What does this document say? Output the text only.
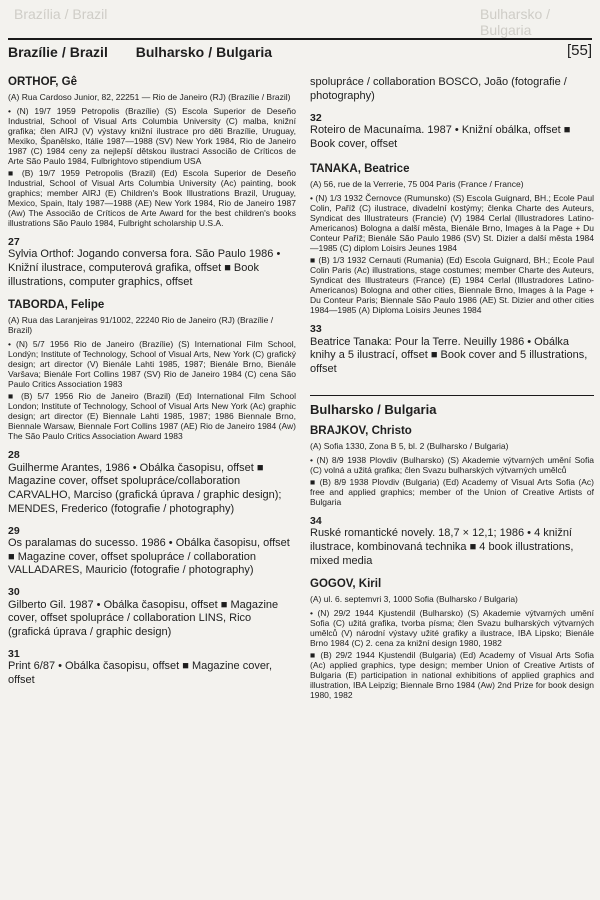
Brazília / Brazil	Bulharsko / Bulgaria
Brazílie / Brazil Bulharsko / Bulgaria	[55]
ORTHOF, Gê
(A) Rua Cardoso Junior, 82, 22251 — Rio de Janeiro (RJ) (Brazílie / Brazil)
• (N) 19/7 1959 Petropolis (Brazílie) (S) Escola Superior de Deseño Industrial, School of Visual Arts Columbia University (C) malba, knižní grafika; člen AIRJ (V) výstavy knižní ilustrace pro děti Brazílie, Uruguay, Mexiko, Španělsko, Itálie 1987—1988 (SV) New York 1984, Rio de Janeiro 1987 (C) 1984 ceny za nejlepší dětskou ilustraci Associão de Críticos de Arte São Paulo 1984, Fulbrightovo stipendium USA
■ (B) 19/7 1959 Petropolis (Brazil) (Ed) Escola Superior de Deseño Industrial, School of Visual Arts Columbia University (Ac) painting, book graphics; member AIRJ (E) Children's Book Illustrations Brazil, Uruguay, Mexico, Spain, Italy 1987—1988 (AE) New York 1984, Rio de Janeiro 1987 (Aw) The Associão de Críticos de Arte Award for the best children's books illustrations São Paulo 1984, Fulbright scholarship U.S.A.
27
Sylvia Orthof: Jogando conversa fora. São Paulo 1986 • Knižní ilustrace, computerová grafika, offset ■ Book illustrations, computer graphics, offset
TABORDA, Felipe
(A) Rua das Laranjeiras 91/1002, 22240 Rio de Janeiro (RJ) (Brazílie / Brazil)
• (N) 5/7 1956 Rio de Janeiro (Brazílie) (S) International Film School, Londýn; Institute of Technology, School of Visual Arts, New York (C) grafický design; art director (V) Bienále Lahti 1985, 1987; Bienále Brno, Bienále Varšava; Bienále Fort Collins 1987 (SV) Rio de Janeiro 1984 (C) cena São Paulo Critics Association 1983
■ (B) 5/7 1956 Rio de Janeiro (Brazil) (Ed) International Film School London; Institute of Technology, School of Visual Arts New York (Ac) graphic design; art director (E) Biennale Lahti 1985, 1987; 1986 Biennale Brno, Biennale Warsaw, Biennale Fort Collins 1987 (AE) Rio de Janeiro 1984 (Aw) The São Paulo Critics Association Award 1983
28
Guilherme Arantes, 1986 • Obálka časopisu, offset ■ Magazine cover, offset spolupráce/collaboration CARVALHO, Marciso (grafická úprava / graphic design); MENDES, Frederico (fotografie / photography)
29
Os paralamas do sucesso. 1986 • Obálka časopisu, offset ■ Magazine cover, offset spolupráce / collaboration VALLADARES, Mauricio (fotografie / photography)
30
Gilberto Gil. 1987 • Obálka časopisu, offset ■ Magazine cover, offset spolupráce / collaboration LINS, Rico (grafická úprava / graphic design)
31
Print 6/87 • Obálka časopisu, offset ■ Magazine cover, offset
spolupráce / collaboration BOSCO, João (fotografie / photography)
32
Roteiro de Macunaíma. 1987 • Knižní obálka, offset ■ Book cover, offset
TANAKA, Beatrice
(A) 56, rue de la Verrerie, 75 004 Paris (France / France)
• (N) 1/3 1932 Černovce (Rumunsko) (S) Escola Guignard, BH.; Ecole Paul Colin, Paříž (C) ilustrace, divadelní kostýmy; členka Charte des Auteurs, Syndicat des Illustrateurs (Francie) (V) 1984 Cerlal (Illustradores Latino-Americanos) Bologna a další města, Bienále Brno, Images à la Page + Du Conteur Paříž; Bienále São Paulo 1986 (SV) St. Dizier a další města 1984—1985 (C) diplom Loisirs Jeunes 1984
■ (B) 1/3 1932 Cernauti (Rumania) (Ed) Escola Guignard, BH.; Ecole Paul Colin Paris (Ac) illustrations, stage costumes; member Charte des Auteurs, Syndicat des Illustrateurs (France) (E) 1984 Cerlal (Illustradores Latino-Americanos) Bologna and other cities, Biennale Brno, Images à la Page + Du Conteur Paris; Biennale São Paulo 1986 (AE) St. Dizier and other cities 1984—1985 (A) Diploma Loisirs Jeunes 1984
33
Beatrice Tanaka: Pour la Terre. Neuilly 1986 • Obálka knihy a 5 ilustrací, offset ■ Book cover and 5 illustrations, offset
Bulharsko / Bulgaria
BRAJKOV, Christo
(A) Sofia 1330, Zona B 5, bl. 2 (Bulharsko / Bulgaria)
• (N) 8/9 1938 Plovdiv (Bulharsko) (S) Akademie výtvarných umění Sofia (C) volná a užitá grafika; člen Svazu bulharských výtvarných umělců
■ (B) 8/9 1938 Plovdiv (Bulgaria) (Ed) Academy of Visual Arts Sofia (Ac) free and applied graphics; member of the Union of Creative Artists of Bulgaria
34
Ruské romantické novely. 18,7 × 12,1; 1986 • 4 knižní ilustrace, kombinovaná technika ■ 4 book illustrations, mixed media
GOGOV, Kiril
(A) ul. 6. septemvri 3, 1000 Sofia (Bulharsko / Bulgaria)
• (N) 29/2 1944 Kjustendil (Bulharsko) (S) Akademie výtvarných umění Sofia (C) užitá grafika, tvorba písma; člen Svazu bulharských výtvarných umělců (V) národní výstavy užité grafiky a ilustrace, IBA Lipsko; Bienále Brno 1984 (C) 2. cena za knižní design 1980, 1982
■ (B) 29/2 1944 Kjustendil (Bulgaria) (Ed) Academy of Visual Arts Sofia (Ac) applied graphics, type design; member Union of Creative Artists of Bulgaria (E) participation in national exhibitions of applied graphics and illustration, IBA Leipzig; Biennale Brno 1984 (Aw) 2nd Prize for book design 1980, 1982
